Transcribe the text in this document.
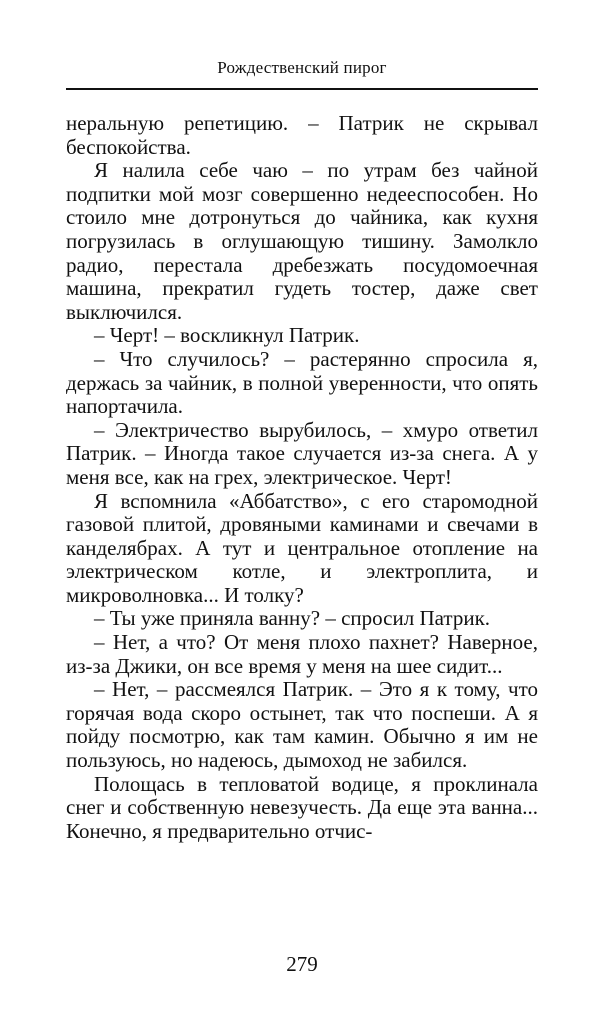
Рождественский пирог

неральную репетицию. – Патрик не скрывал беспокойства.

Я налила себе чаю – по утрам без чайной подпитки мой мозг совершенно недееспособен. Но стоило мне дотронуться до чайника, как кухня погрузилась в оглушающую тишину. Замолкло радио, перестала дребезжать посудомоечная машина, прекратил гудеть тостер, даже свет выключился.

– Черт! – воскликнул Патрик.

– Что случилось? – растерянно спросила я, держась за чайник, в полной уверенности, что опять напортачила.

– Электричество вырубилось, – хмуро ответил Патрик. – Иногда такое случается из-за снега. А у меня все, как на грех, электрическое. Черт!

Я вспомнила «Аббатство», с его старомодной газовой плитой, дровяными каминами и свечами в канделябрах. А тут и центральное отопление на электрическом котле, и электроплита, и микроволновка... И толку?

– Ты уже приняла ванну? – спросил Патрик.

– Нет, а что? От меня плохо пахнет? Наверное, из-за Джики, он все время у меня на шее сидит...

– Нет, – рассмеялся Патрик. – Это я к тому, что горячая вода скоро остынет, так что поспеши. А я пойду посмотрю, как там камин. Обычно я им не пользуюсь, но надеюсь, дымоход не забился.

Полощась в тепловатой водице, я проклинала снег и собственную невезучесть. Да еще эта ванна... Конечно, я предварительно отчис-

279
